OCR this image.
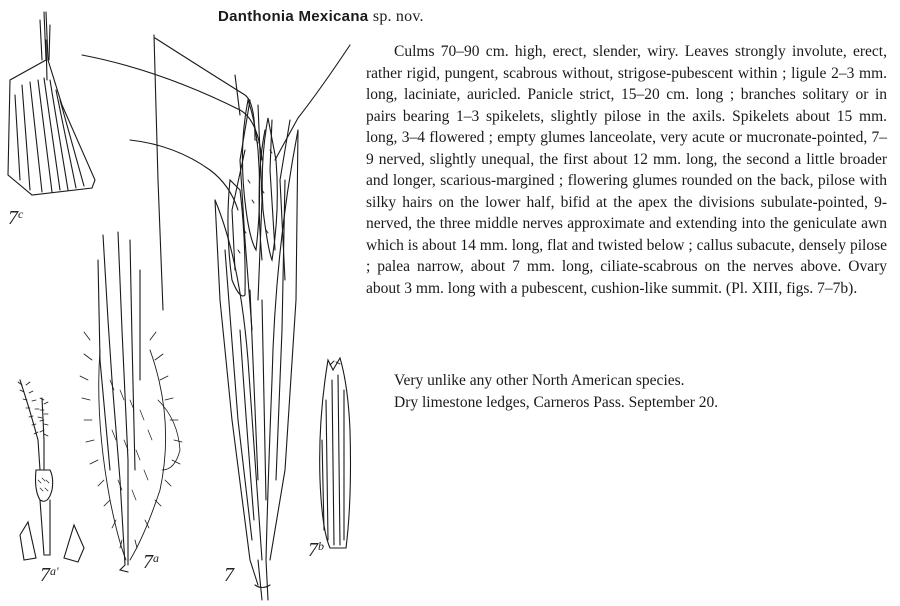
7$^c$
7$^a$
$7^{a'}$	7
7$^b$
Danthonia Mexicana sp. nov.

Culms 70–90 cm. high, erect, slender, wiry. Leaves strongly involute, erect, rather rigid, pungent, scabrous without, strigose-pubescent within ; ligule 2–3 mm. long, laciniate, auricled. Panicle strict, 15–20 cm. long ; branches solitary or in pairs bearing 1–3 spikelets, slightly pilose in the axils. Spikelets about 15 mm. long, 3–4 flowered ; empty glumes lanceolate, very acute or mucronate-pointed, 7–9 nerved, slightly unequal, the first about 12 mm. long, the second a little broader and longer, scarious-margined ; flowering glumes rounded on the back, pilose with silky hairs on the lower half, bifid at the apex the divisions subulate-pointed, 9-nerved, the three middle nerves approximate and extending into the geniculate awn which is about 14 mm. long, flat and twisted below ; callus subacute, densely pilose ; palea narrow, about 7 mm. long, ciliate-scabrous on the nerves above. Ovary about 3 mm. long with a pubescent, cushion-like summit. (Pl. XIII, figs. 7–7b).

Very unlike any other North American species.

Dry limestone ledges, Carneros Pass. September 20.
